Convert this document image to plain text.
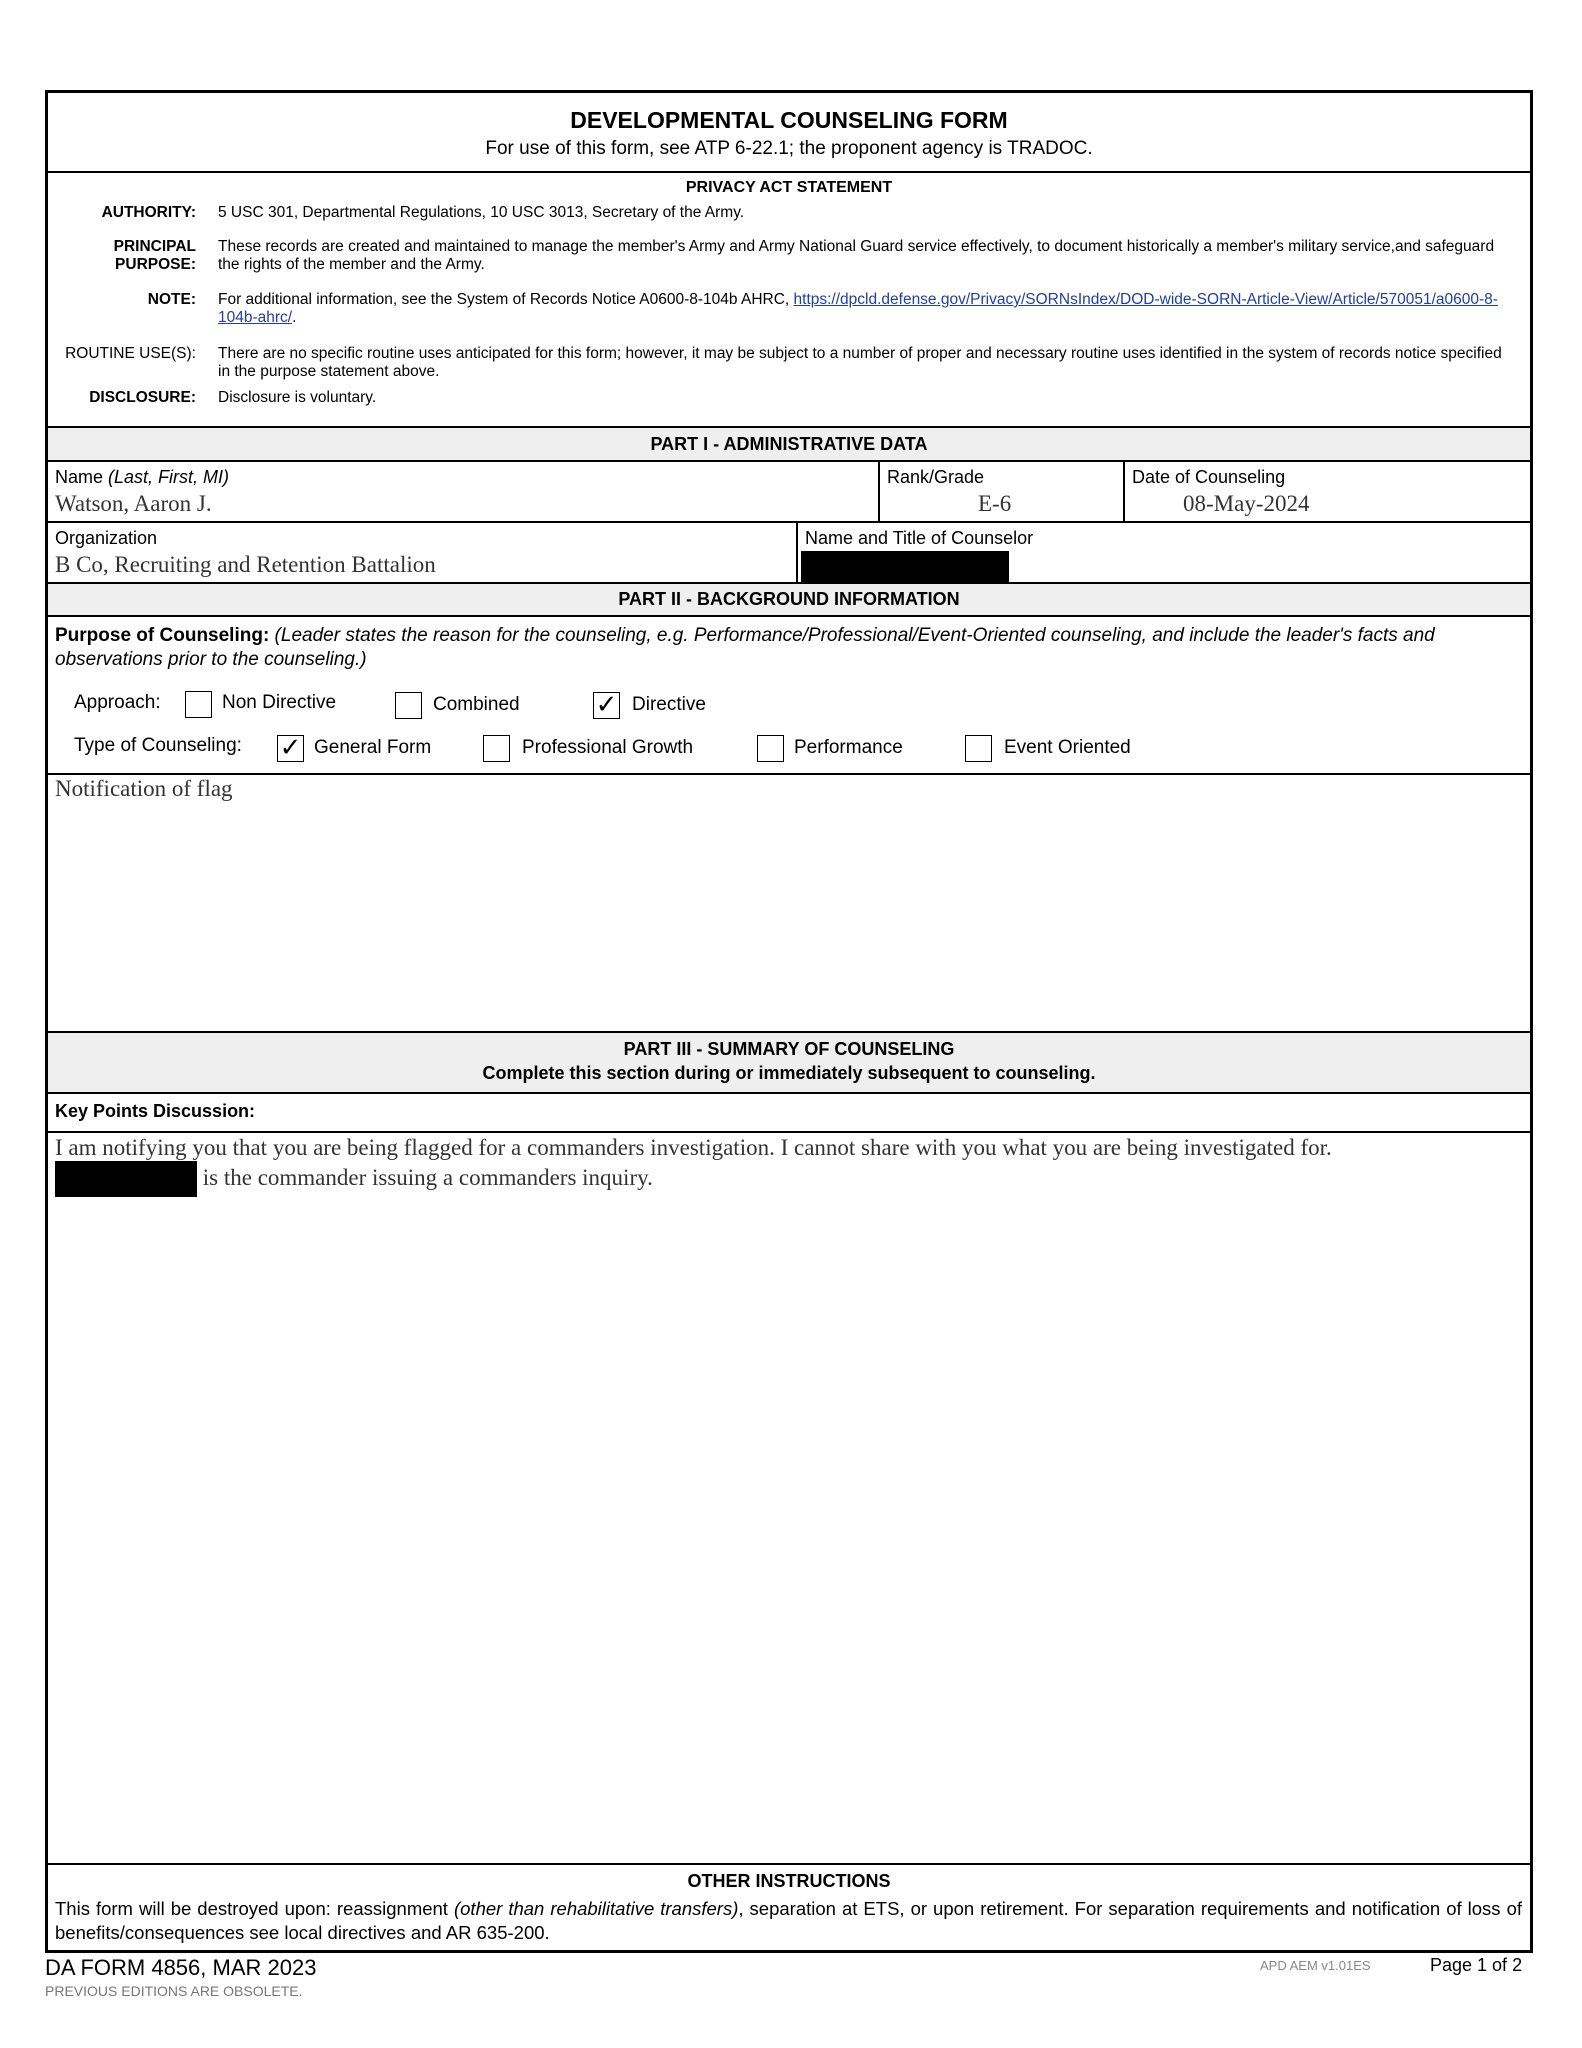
DEVELOPMENTAL COUNSELING FORM
For use of this form, see ATP 6-22.1; the proponent agency is TRADOC.
PRIVACY ACT STATEMENT
AUTHORITY: 5 USC 301, Departmental Regulations, 10 USC 3013, Secretary of the Army.
PRINCIPAL
PURPOSE:
These records are created and maintained to manage the member's Army and Army National Guard service effectively, to document historically a member's military service,and safeguard the rights of the member and the Army.
NOTE: For additional information, see the System of Records Notice A0600-8-104b AHRC, https://dpcld.defense.gov/Privacy/SORNsIndex/DOD-wide-SORN-Article-View/Article/570051/a0600-8-104b-ahrc/.
ROUTINE USE(S): There are no specific routine uses anticipated for this form; however, it may be subject to a number of proper and necessary routine uses identified in the system of records notice specified in the purpose statement above.
DISCLOSURE: Disclosure is voluntary.
PART I - ADMINISTRATIVE DATA
Name (Last, First, MI)
Watson, Aaron J.
Rank/Grade
E-6
Date of Counseling
08-May-2024
Organization
B Co, Recruiting and Retention Battalion
Name and Title of Counselor
PART II - BACKGROUND INFORMATION
Purpose of Counseling: (Leader states the reason for the counseling, e.g. Performance/Professional/Event-Oriented counseling, and include the leader's facts and observations prior to the counseling.)
Approach:	Non Directive	Combined	✓ Directive
Type of Counseling: ✓ General Form	Professional Growth	Performance	Event Oriented
Notification of flag
PART III - SUMMARY OF COUNSELING
Complete this section during or immediately subsequent to counseling.
Key Points Discussion:
I am notifying you that you are being flagged for a commanders investigation. I cannot share with you what you are being investigated for.
is the commander issuing a commanders inquiry.
OTHER INSTRUCTIONS
This form will be destroyed upon: reassignment (other than rehabilitative transfers), separation at ETS, or upon retirement. For separation requirements and notification of loss of benefits/consequences see local directives and AR 635-200.
DA FORM 4856, MAR 2023
PREVIOUS EDITIONS ARE OBSOLETE.
APD AEM v1.01ES	Page 1 of 2
